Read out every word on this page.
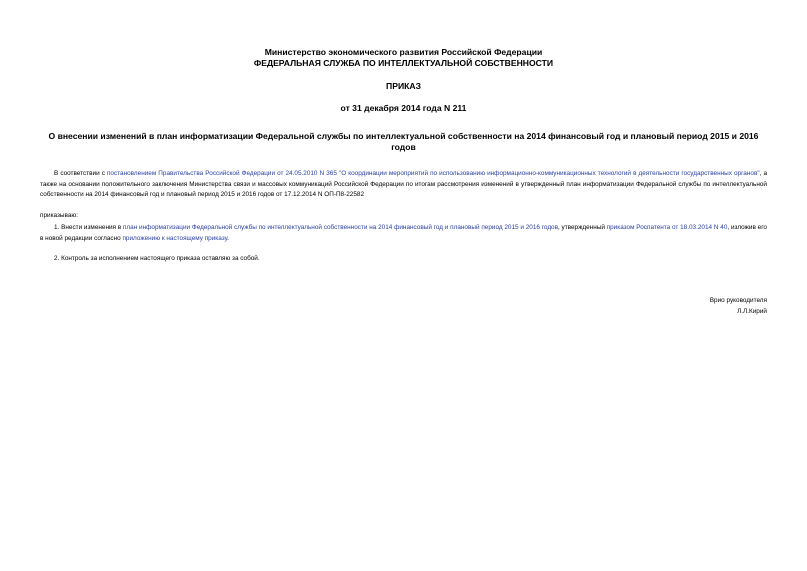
Министерство экономического развития Российской Федерации
ФЕДЕРАЛЬНАЯ СЛУЖБА ПО ИНТЕЛЛЕКТУАЛЬНОЙ СОБСТВЕННОСТИ
ПРИКАЗ
от 31 декабря 2014 года N 211
О внесении изменений в план информатизации Федеральной службы по интеллектуальной собственности на 2014 финансовый год и плановый период 2015 и 2016 годов
В соответствии с постановлением Правительства Российской Федерации от 24.05.2010 N 365 "О координации мероприятий по использованию информационно-коммуникационных технологий в деятельности государственных органов", а также на основании положительного заключения Министерства связи и массовых коммуникаций Российской Федерации по итогам рассмотрения изменений в утвержденный план информатизации Федеральной службы по интеллектуальной собственности на 2014 финансовый год и плановый период 2015 и 2016 годов от 17.12.2014 N ОП-П8-22582
приказываю:
1. Внести изменения в план информатизации Федеральной службы по интеллектуальной собственности на 2014 финансовый год и плановый период 2015 и 2016 годов, утвержденный приказом Роспатента от 18.03.2014 N 40, изложив его в новой редакции согласно приложению к настоящему приказу.
2. Контроль за исполнением настоящего приказа оставляю за собой.
Врио руководителя
Л.Л.Кирий
